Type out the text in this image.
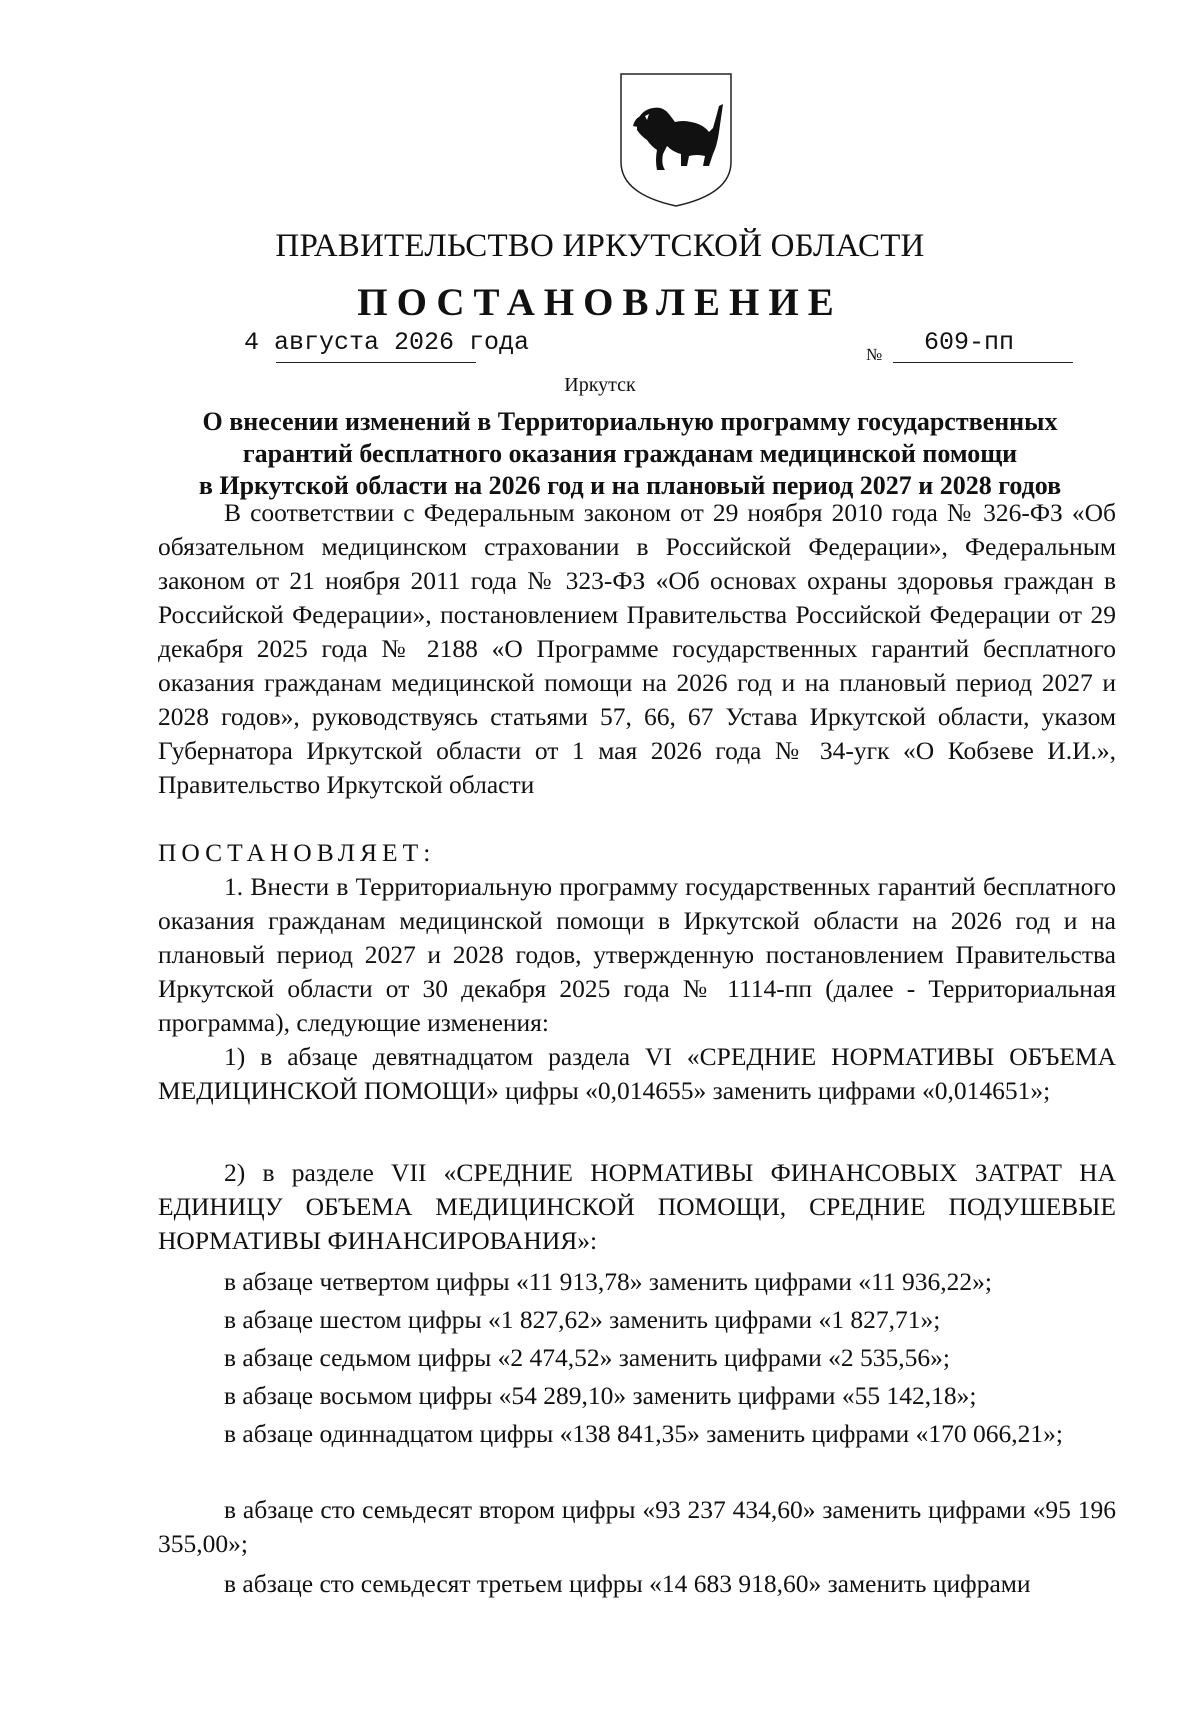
ПРАВИТЕЛЬСТВО ИРКУТСКОЙ ОБЛАСТИ
ПОСТАНОВЛЕНИЕ
4 августа 2026 года	№ 609-пп
Иркутск
О внесении изменений в Территориальную программу государственных
гарантий бесплатного оказания гражданам медицинской помощи
в Иркутской области на 2026 год и на плановый период 2027 и 2028 годов
В соответствии с Федеральным законом от 29 ноября 2010 года № 326-ФЗ «Об обязательном медицинском страховании в Российской Федерации», Федеральным законом от 21 ноября 2011 года № 323-ФЗ «Об основах охраны здоровья граждан в Российской Федерации», постановлением Правительства Российской Федерации от 29 декабря 2025 года № 2188 «О Программе государственных гарантий бесплатного оказания гражданам медицинской помощи на 2026 год и на плановый период 2027 и 2028 годов», руководствуясь статьями 57, 66, 67 Устава Иркутской области, указом Губернатора Иркутской области от 1 мая 2026 года № 34-угк «О Кобзеве И.И.», Правительство Иркутской области
ПОСТАНОВЛЯЕТ:
1. Внести в Территориальную программу государственных гарантий бесплатного оказания гражданам медицинской помощи в Иркутской области на 2026 год и на плановый период 2027 и 2028 годов, утвержденную постановлением Правительства Иркутской области от 30 декабря 2025 года № 1114-пп (далее - Территориальная программа), следующие изменения:
1) в абзаце девятнадцатом раздела VI «СРЕДНИЕ НОРМАТИВЫ ОБЪЕМА МЕДИЦИНСКОЙ ПОМОЩИ» цифры «0,014655» заменить цифрами «0,014651»;
2) в разделе VII «СРЕДНИЕ НОРМАТИВЫ ФИНАНСОВЫХ ЗАТРАТ НА ЕДИНИЦУ ОБЪЕМА МЕДИЦИНСКОЙ ПОМОЩИ, СРЕДНИЕ ПОДУШЕВЫЕ НОРМАТИВЫ ФИНАНСИРОВАНИЯ»:
в абзаце четвертом цифры «11 913,78» заменить цифрами «11 936,22»;
в абзаце шестом цифры «1 827,62» заменить цифрами «1 827,71»;
в абзаце седьмом цифры «2 474,52» заменить цифрами «2 535,56»;
в абзаце восьмом цифры «54 289,10» заменить цифрами «55 142,18»;
в абзаце одиннадцатом цифры «138 841,35» заменить цифрами «170 066,21»;
в абзаце сто семьдесят втором цифры «93 237 434,60» заменить цифрами «95 196 355,00»;
в абзаце сто семьдесят третьем цифры «14 683 918,60» заменить цифрами
